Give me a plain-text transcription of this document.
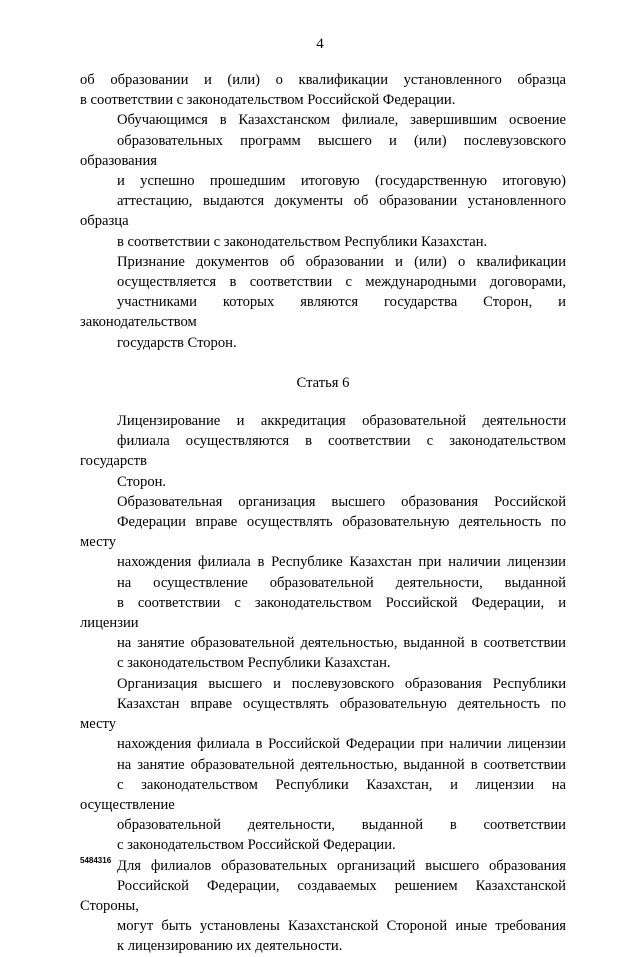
4
об образовании и (или) о квалификации установленного образца
в соответствии с законодательством Российской Федерации.
Обучающимся в Казахстанском филиале, завершившим освоение
образовательных программ высшего и (или) послевузовского образования
и успешно прошедшим итоговую (государственную итоговую)
аттестацию, выдаются документы об образовании установленного образца
в соответствии с законодательством Республики Казахстан.
Признание документов об образовании и (или) о квалификации
осуществляется в соответствии с международными договорами,
участниками которых являются государства Сторон, и законодательством
государств Сторон.
Статья 6
Лицензирование и аккредитация образовательной деятельности
филиала осуществляются в соответствии с законодательством государств
Сторон.
Образовательная организация высшего образования Российской
Федерации вправе осуществлять образовательную деятельность по месту
нахождения филиала в Республике Казахстан при наличии лицензии
на осуществление образовательной деятельности, выданной
в соответствии с законодательством Российской Федерации, и лицензии
на занятие образовательной деятельностью, выданной в соответствии
с законодательством Республики Казахстан.
Организация высшего и послевузовского образования Республики
Казахстан вправе осуществлять образовательную деятельность по месту
нахождения филиала в Российской Федерации при наличии лицензии
на занятие образовательной деятельностью, выданной в соответствии
с законодательством Республики Казахстан, и лицензии на осуществление
образовательной деятельности, выданной в соответствии
с законодательством Российской Федерации.
Для филиалов образовательных организаций высшего образования
Российской Федерации, создаваемых решением Казахстанской Стороны,
могут быть установлены Казахстанской Стороной иные требования
к лицензированию их деятельности.
5484316
